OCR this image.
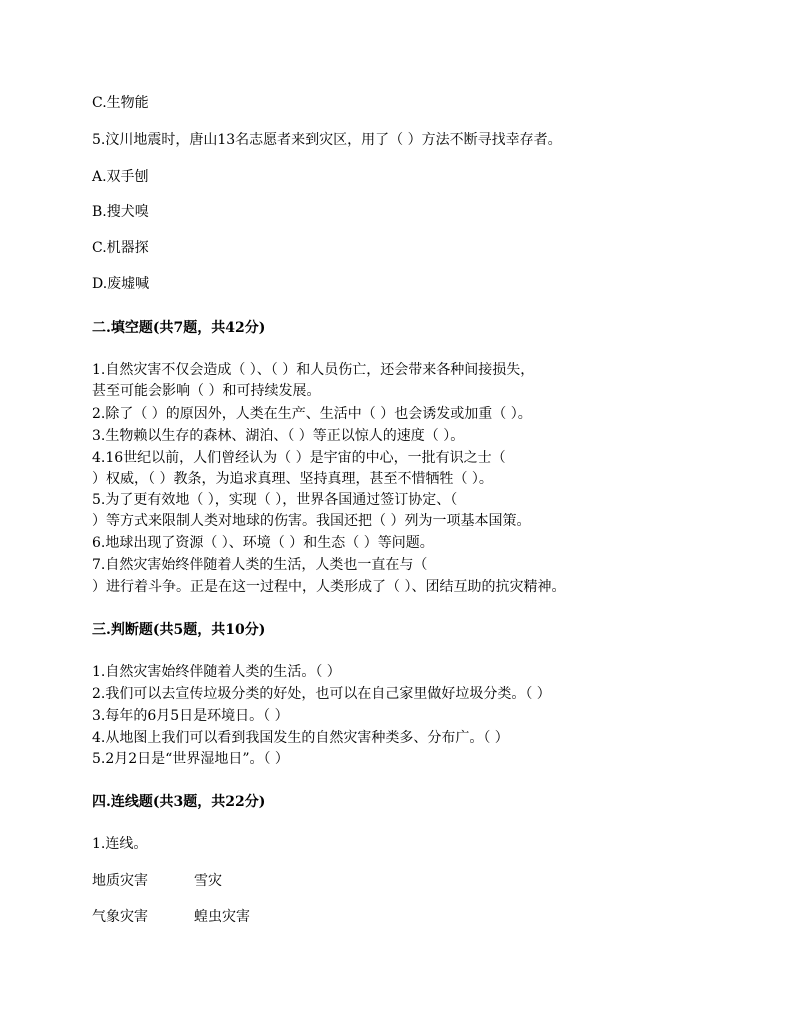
C.生物能
5.汶川地震时，唐山13名志愿者来到灾区，用了（ ）方法不断寻找幸存者。
A.双手刨
B.搜犬嗅
C.机器探
D.废墟喊
二.填空题(共7题，共42分)
1.自然灾害不仅会造成（ ）、（ ）和人员伤亡，还会带来各种间接损失，
甚至可能会影响（ ）和可持续发展。
2.除了（ ）的原因外，人类在生产、生活中（ ）也会诱发或加重（ ）。
3.生物赖以生存的森林、湖泊、（ ）等正以惊人的速度（ ）。
4.16世纪以前，人们曾经认为（ ）是宇宙的中心，一批有识之士（
）权威，（ ）教条，为追求真理、坚持真理，甚至不惜牺牲（ ）。
5.为了更有效地（ ），实现（ ），世界各国通过签订协定、（
）等方式来限制人类对地球的伤害。我国还把（ ）列为一项基本国策。
6.地球出现了资源（ ）、环境（ ）和生态（ ）等问题。
7.自然灾害始终伴随着人类的生活，人类也一直在与（
）进行着斗争。正是在这一过程中，人类形成了（ ）、团结互助的抗灾精神。
三.判断题(共5题，共10分)
1.自然灾害始终伴随着人类的生活。（ ）
2.我们可以去宣传垃圾分类的好处，也可以在自己家里做好垃圾分类。（ ）
3.每年的6月5日是环境日。（ ）
4.从地图上我们可以看到我国发生的自然灾害种类多、分布广。（ ）
5.2月2日是“世界湿地日”。（ ）
四.连线题(共3题，共22分)
1.连线。
地质灾害	雪灾
气象灾害	蝗虫灾害
